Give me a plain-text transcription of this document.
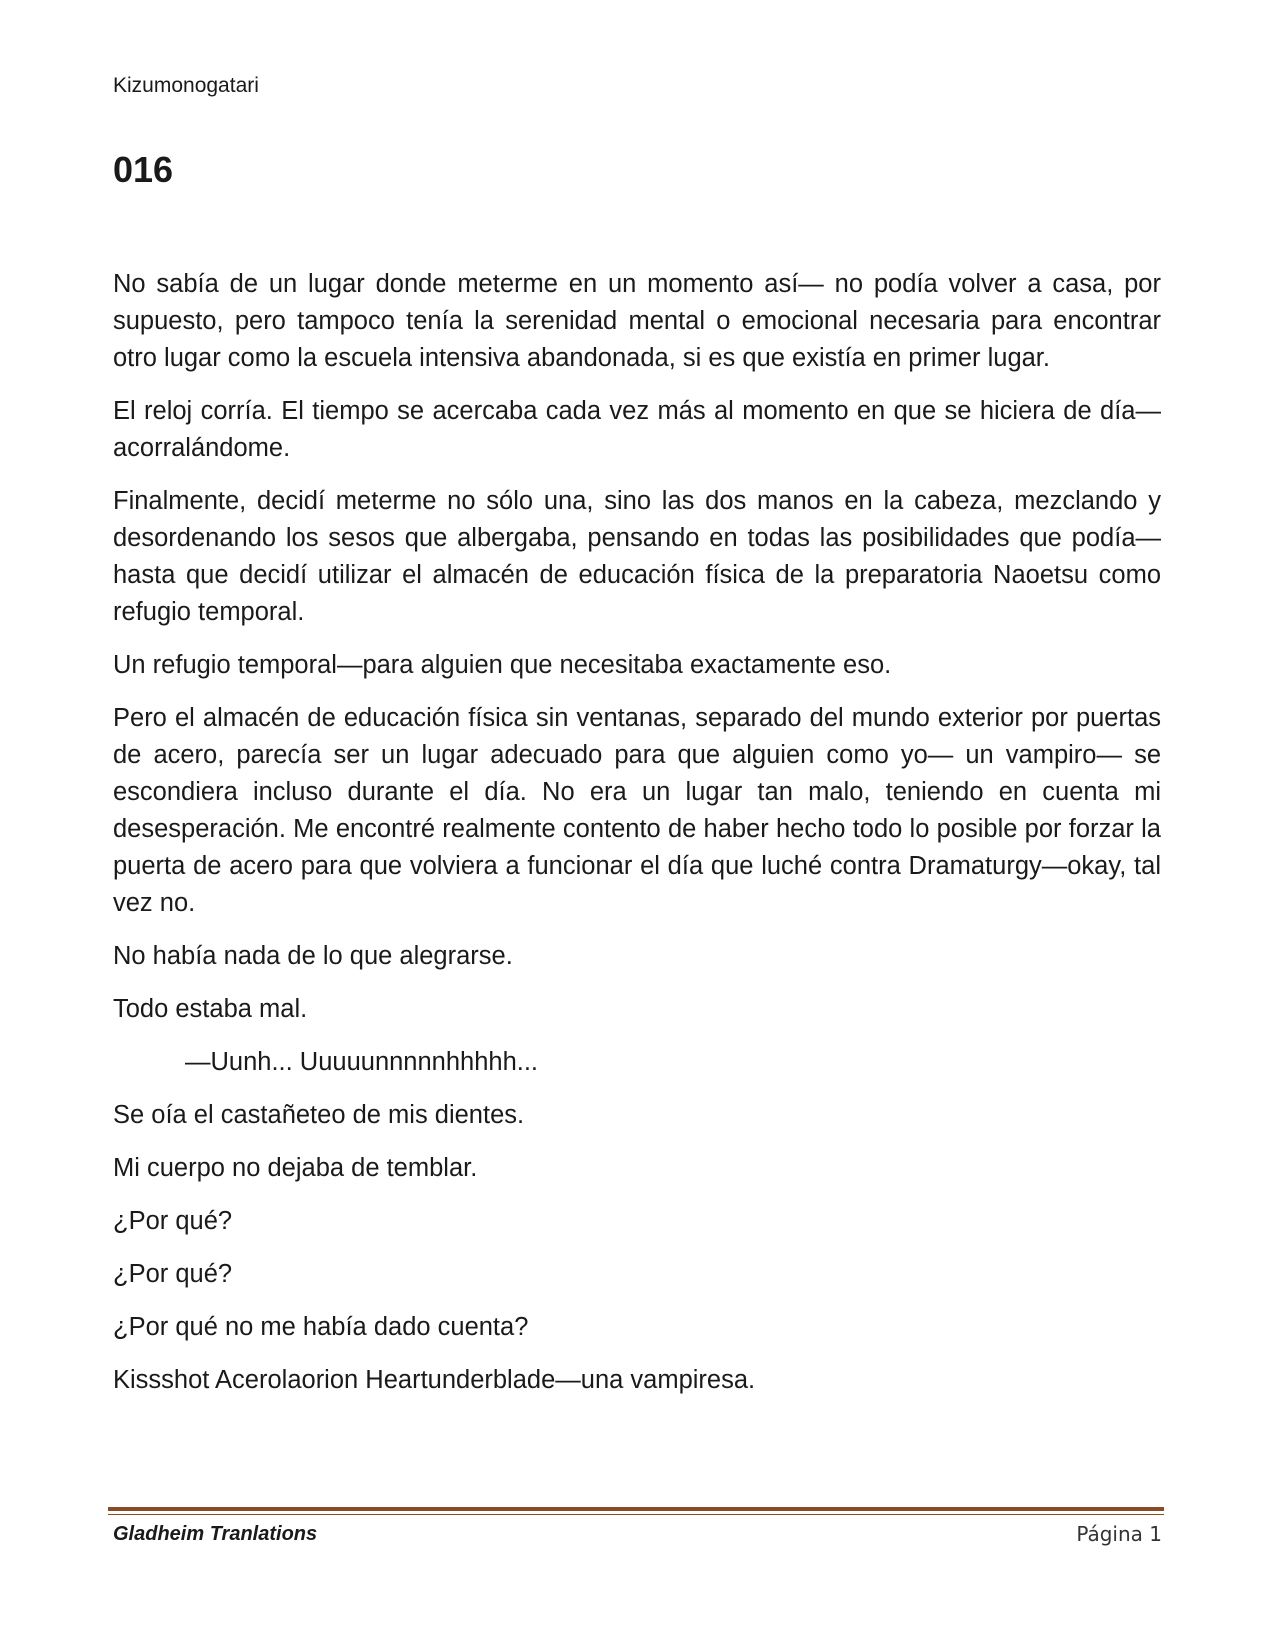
Kizumonogatari
016

No sabía de un lugar donde meterme en un momento así— no podía volver a casa, por supuesto, pero tampoco tenía la serenidad mental o emocional necesaria para encontrar otro lugar como la escuela intensiva abandonada, si es que existía en primer lugar.

El reloj corría. El tiempo se acercaba cada vez más al momento en que se hiciera de día— acorralándome.

Finalmente, decidí meterme no sólo una, sino las dos manos en la cabeza, mezclando y desordenando los sesos que albergaba, pensando en todas las posibilidades que podía—hasta que decidí utilizar el almacén de educación física de la preparatoria Naoetsu como refugio temporal.

Un refugio temporal—para alguien que necesitaba exactamente eso.

Pero el almacén de educación física sin ventanas, separado del mundo exterior por puertas de acero, parecía ser un lugar adecuado para que alguien como yo— un vampiro— se escondiera incluso durante el día. No era un lugar tan malo, teniendo en cuenta mi desesperación. Me encontré realmente contento de haber hecho todo lo posible por forzar la puerta de acero para que volviera a funcionar el día que luché contra Dramaturgy—okay, tal vez no.

No había nada de lo que alegrarse.

Todo estaba mal.

—Uunh... Uuuuunnnnnhhhhh...

Se oía el castañeteo de mis dientes.

Mi cuerpo no dejaba de temblar.

¿Por qué?

¿Por qué?

¿Por qué no me había dado cuenta?

Kissshot Acerolaorion Heartunderblade—una vampiresa.

Gladheim Tranlations	Página 1
